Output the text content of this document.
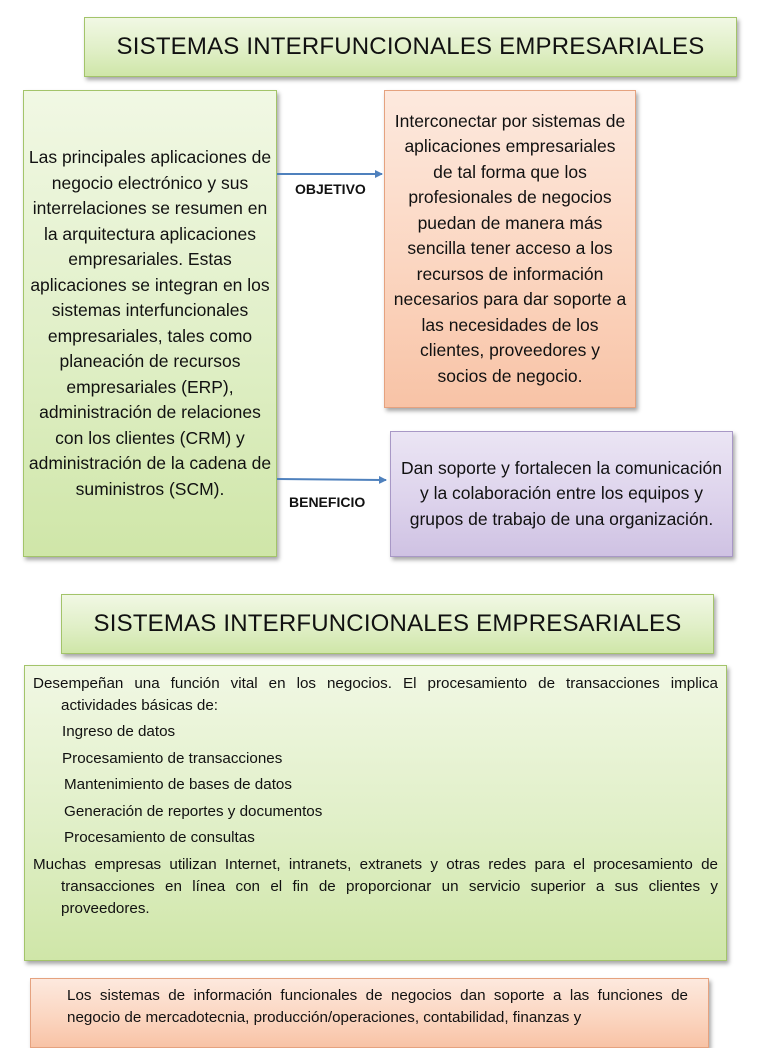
SISTEMAS INTERFUNCIONALES EMPRESARIALES
Las principales aplicaciones de negocio electrónico y sus interrelaciones se resumen en la arquitectura aplicaciones empresariales. Estas aplicaciones se integran en los sistemas interfuncionales empresariales, tales como planeación de recursos empresariales (ERP), administración de relaciones con los clientes (CRM) y administración de la cadena de suministros (SCM).
Interconectar por sistemas de aplicaciones empresariales de tal forma que los profesionales de negocios puedan de manera más sencilla tener acceso a los recursos de información necesarios para dar soporte a las necesidades de los clientes, proveedores y socios de negocio.
Dan soporte y fortalecen la comunicación y la colaboración entre los equipos y grupos de trabajo de una organización.
OBJETIVO
BENEFICIO
SISTEMAS INTERFUNCIONALES EMPRESARIALES
Desempeñan una función vital en los negocios. El procesamiento de transacciones implica actividades básicas de:
Ingreso de datos
Procesamiento de transacciones
Mantenimiento de bases de datos
Generación de reportes y documentos
Procesamiento de consultas
Muchas empresas utilizan Internet, intranets, extranets y otras redes para el procesamiento de transacciones en línea con el fin de proporcionar un servicio superior a sus clientes y proveedores.
Los sistemas de información funcionales de negocios dan soporte a las funciones de negocio de mercadotecnia, producción/operaciones, contabilidad, finanzas y
